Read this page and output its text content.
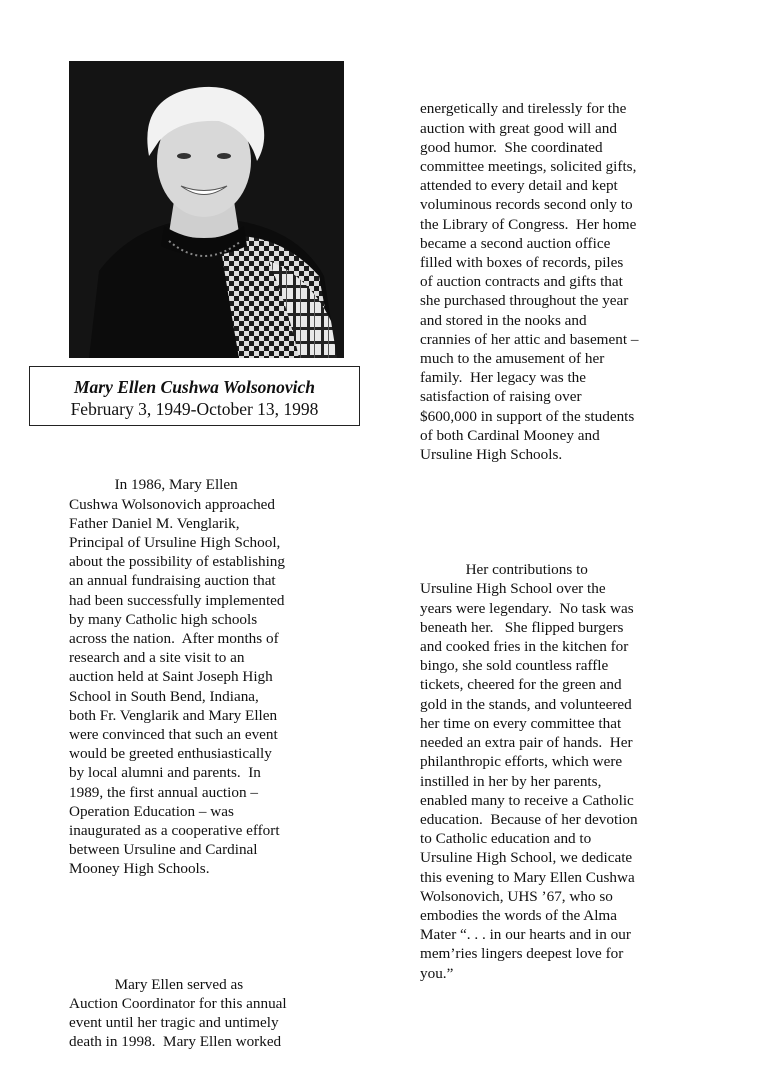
Mary Ellen Cushwa Wolsonovich
February 3, 1949-October 13, 1998

In 1986, Mary Ellen
Cushwa Wolsonovich approached
Father Daniel M. Venglarik,
Principal of Ursuline High School,
about the possibility of establishing
an annual fundraising auction that
had been successfully implemented
by many Catholic high schools
across the nation.  After months of
research and a site visit to an
auction held at Saint Joseph High
School in South Bend, Indiana,
both Fr. Venglarik and Mary Ellen
were convinced that such an event
would be greeted enthusiastically
by local alumni and parents.  In
1989, the first annual auction –
Operation Education – was
inaugurated as a cooperative effort
between Ursuline and Cardinal
Mooney High Schools.

Mary Ellen served as
Auction Coordinator for this annual
event until her tragic and untimely
death in 1998.  Mary Ellen worked

energetically and tirelessly for the
auction with great good will and
good humor.  She coordinated
committee meetings, solicited gifts,
attended to every detail and kept
voluminous records second only to
the Library of Congress.  Her home
became a second auction office
filled with boxes of records, piles
of auction contracts and gifts that
she purchased throughout the year
and stored in the nooks and
crannies of her attic and basement –
much to the amusement of her
family.  Her legacy was the
satisfaction of raising over
$600,000 in support of the students
of both Cardinal Mooney and
Ursuline High Schools.

Her contributions to
Ursuline High School over the
years were legendary.  No task was
beneath her.   She flipped burgers
and cooked fries in the kitchen for
bingo, she sold countless raffle
tickets, cheered for the green and
gold in the stands, and volunteered
her time on every committee that
needed an extra pair of hands.  Her
philanthropic efforts, which were
instilled in her by her parents,
enabled many to receive a Catholic
education.  Because of her devotion
to Catholic education and to
Ursuline High School, we dedicate
this evening to Mary Ellen Cushwa
Wolsonovich, UHS ’67, who so
embodies the words of the Alma
Mater “. . . in our hearts and in our
mem’ries lingers deepest love for
you.”
